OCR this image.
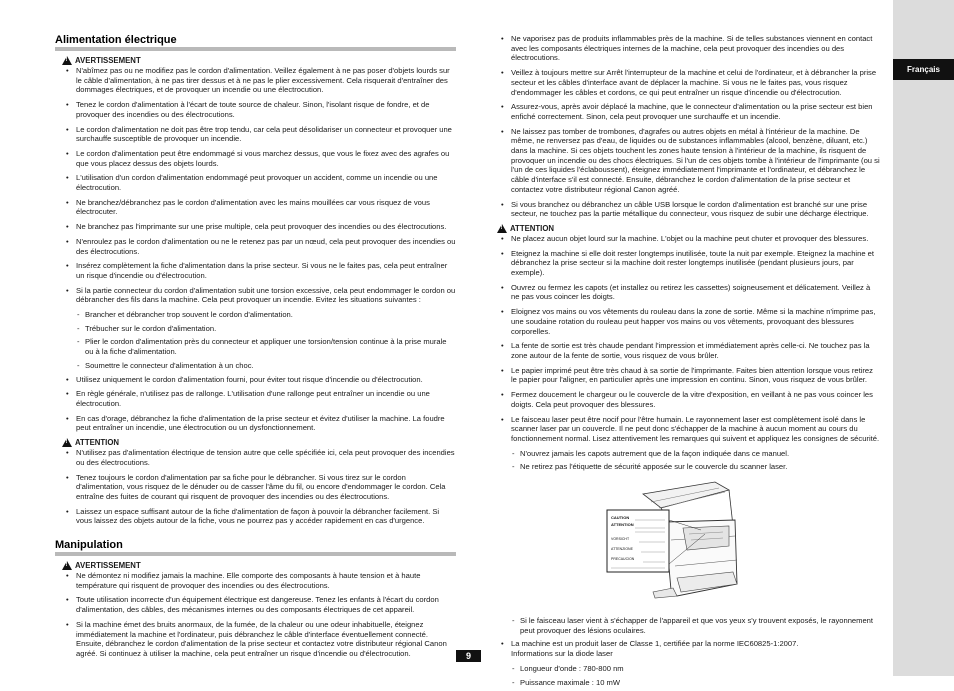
Français
Alimentation électrique
!
AVERTISSEMENT
• N'abîmez pas ou ne modifiez pas le cordon d'alimentation. Veillez également à ne pas poser d'objets lourds sur le câble d'alimentation, à ne pas tirer dessus et à ne pas le plier excessivement. Cela risquerait d'entraîner des dommages électriques, et de provoquer un incendie ou une électrocution.
• Tenez le cordon d'alimentation à l'écart de toute source de chaleur. Sinon, l'isolant risque de fondre, et de provoquer des incendies ou des électrocutions.
• Le cordon d'alimentation ne doit pas être trop tendu, car cela peut désolidariser un connecteur et provoquer une surchauffe susceptible de provoquer un incendie.
• Le cordon d'alimentation peut être endommagé si vous marchez dessus, que vous le fixez avec des agrafes ou que vous placez dessus des objets lourds.
• L'utilisation d'un cordon d'alimentation endommagé peut provoquer un accident, comme un incendie ou une électrocution.
• Ne branchez/débranchez pas le cordon d'alimentation avec les mains mouillées car vous risquez de vous électrocuter.
• Ne branchez pas l'imprimante sur une prise multiple, cela peut provoquer des incendies ou des électrocutions.
• N'enroulez pas le cordon d'alimentation ou ne le retenez pas par un nœud, cela peut provoquer des incendies ou des électrocutions.
• Insérez complètement la fiche d'alimentation dans la prise secteur. Si vous ne le faites pas, cela peut entraîner un risque d'incendie ou d'électrocution.
• Si la partie connecteur du cordon d'alimentation subit une torsion excessive, cela peut endommager le cordon ou débrancher des fils dans la machine. Cela peut provoquer un incendie. Evitez les situations suivantes :
- Brancher et débrancher trop souvent le cordon d'alimentation.
- Trébucher sur le cordon d'alimentation.
- Plier le cordon d'alimentation près du connecteur et appliquer une torsion/tension continue à la prise murale ou à la fiche d'alimentation.
- Soumettre le connecteur d'alimentation à un choc.
• Utilisez uniquement le cordon d'alimentation fourni, pour éviter tout risque d'incendie ou d'électrocution.
• En règle générale, n'utilisez pas de rallonge. L'utilisation d'une rallonge peut entraîner un incendie ou une électrocution.
• En cas d'orage, débranchez la fiche d'alimentation de la prise secteur et évitez d'utiliser la machine. La foudre peut entraîner un incendie, une électrocution ou un dysfonctionnement.
!
ATTENTION
• N'utilisez pas d'alimentation électrique de tension autre que celle spécifiée ici, cela peut provoquer des incendies ou des électrocutions.
• Tenez toujours le cordon d'alimentation par sa fiche pour le débrancher. Si vous tirez sur le cordon d'alimentation, vous risquez de le dénuder ou de casser l'âme du fil, ou encore d'endommager le cordon. Cela entraîne des fuites de courant qui risquent de provoquer des incendies ou des électrocutions.
• Laissez un espace suffisant autour de la fiche d'alimentation de façon à pouvoir la débrancher facilement. Si vous laissez des objets autour de la fiche, vous ne pourrez pas y accéder rapidement en cas d'urgence.
Manipulation
!
AVERTISSEMENT
• Ne démontez ni modifiez jamais la machine. Elle comporte des composants à haute tension et à haute température qui risquent de provoquer des incendies ou des électrocutions.
• Toute utilisation incorrecte d'un équipement électrique est dangereuse. Tenez les enfants à l'écart du cordon d'alimentation, des câbles, des mécanismes internes ou des composants électriques de cet appareil.
• Si la machine émet des bruits anormaux, de la fumée, de la chaleur ou une odeur inhabituelle, éteignez immédiatement la machine et l'ordinateur, puis débranchez le câble d'interface éventuellement connecté. Ensuite, débranchez le cordon d'alimentation de la prise secteur et contactez votre distributeur régional Canon agréé. Si continuez à utiliser la machine, cela peut entraîner un risque d'incendie ou d'électrocution.
• Ne vaporisez pas de produits inflammables près de la machine. Si de telles substances viennent en contact avec les composants électriques internes de la machine, cela peut provoquer des incendies ou des électrocutions.
• Veillez à toujours mettre sur Arrêt l'interrupteur de la machine et celui de l'ordinateur, et à débrancher la prise secteur et les câbles d'interface avant de déplacer la machine. Si vous ne le faites pas, vous risquez d'endommager les câbles et cordons, ce qui peut entraîner un risque d'incendie ou d'électrocution.
• Assurez-vous, après avoir déplacé la machine, que le connecteur d'alimentation ou la prise secteur est bien enfiché correctement. Sinon, cela peut provoquer une surchauffe et un incendie.
• Ne laissez pas tomber de trombones, d'agrafes ou autres objets en métal à l'intérieur de la machine. De même, ne renversez pas d'eau, de liquides ou de substances inflammables (alcool, benzène, diluant, etc.) dans la machine. Si ces objets touchent les zones haute tension à l'intérieur de la machine, ils risquent de provoquer un incendie ou des chocs électriques. Si l'un de ces objets tombe à l'intérieur de l'imprimante (ou si l'un de ces liquides l'éclaboussent), éteignez immédiatement l'imprimante et l'ordinateur, et débranchez le câble d'interface s'il est connecté. Ensuite, débranchez le cordon d'alimentation de la prise secteur et contactez votre distributeur régional Canon agréé.
• Si vous branchez ou débranchez un câble USB lorsque le cordon d'alimentation est branché sur une prise secteur, ne touchez pas la partie métallique du connecteur, vous risquez de subir une décharge électrique.
!
ATTENTION
• Ne placez aucun objet lourd sur la machine. L'objet ou la machine peut chuter et provoquer des blessures.
• Eteignez la machine si elle doit rester longtemps inutilisée, toute la nuit par exemple. Eteignez la machine et débranchez la prise secteur si la machine doit rester longtemps inutilisée (pendant plusieurs jours, par exemple).
• Ouvrez ou fermez les capots (et installez ou retirez les cassettes) soigneusement et délicatement. Veillez à ne pas vous coincer les doigts.
• Eloignez vos mains ou vos vêtements du rouleau dans la zone de sortie. Même si la machine n'imprime pas, une soudaine rotation du rouleau peut happer vos mains ou vos vêtements, provoquant des blessures corporelles.
• La fente de sortie est très chaude pendant l'impression et immédiatement après celle-ci. Ne touchez pas la zone autour de la fente de sortie, vous risquez de vous brûler.
• Le papier imprimé peut être très chaud à sa sortie de l'imprimante. Faites bien attention lorsque vous retirez le papier pour l'aligner, en particulier après une impression en continu. Sinon, vous risquez de vous brûler.
• Fermez doucement le chargeur ou le couvercle de la vitre d'exposition, en veillant à ne pas vous coincer les doigts. Cela peut provoquer des blessures.
• Le faisceau laser peut être nocif pour l'être humain. Le rayonnement laser est complètement isolé dans le scanner laser par un couvercle. Il ne peut donc s'échapper de la machine à aucun moment au cours du fonctionnement normal. Lisez attentivement les remarques qui suivent et appliquez les consignes de sécurité.
- N'ouvrez jamais les capots autrement que de la façon indiquée dans ce manuel.
- Ne retirez pas l'étiquette de sécurité apposée sur le couvercle du scanner laser.
CAUTION
ATTENTION
VORSICHT
ATTENZIONE
PRECAUCION
- Si le faisceau laser vient à s'échapper de l'appareil et que vos yeux s'y trouvent exposés, le rayonnement peut provoquer des lésions oculaires.
• La machine est un produit laser de Classe 1, certifiée par la norme IEC60825-1:2007.
Informations sur la diode laser
- Longueur d'onde : 780-800 nm
- Puissance maximale : 10 mW
9
